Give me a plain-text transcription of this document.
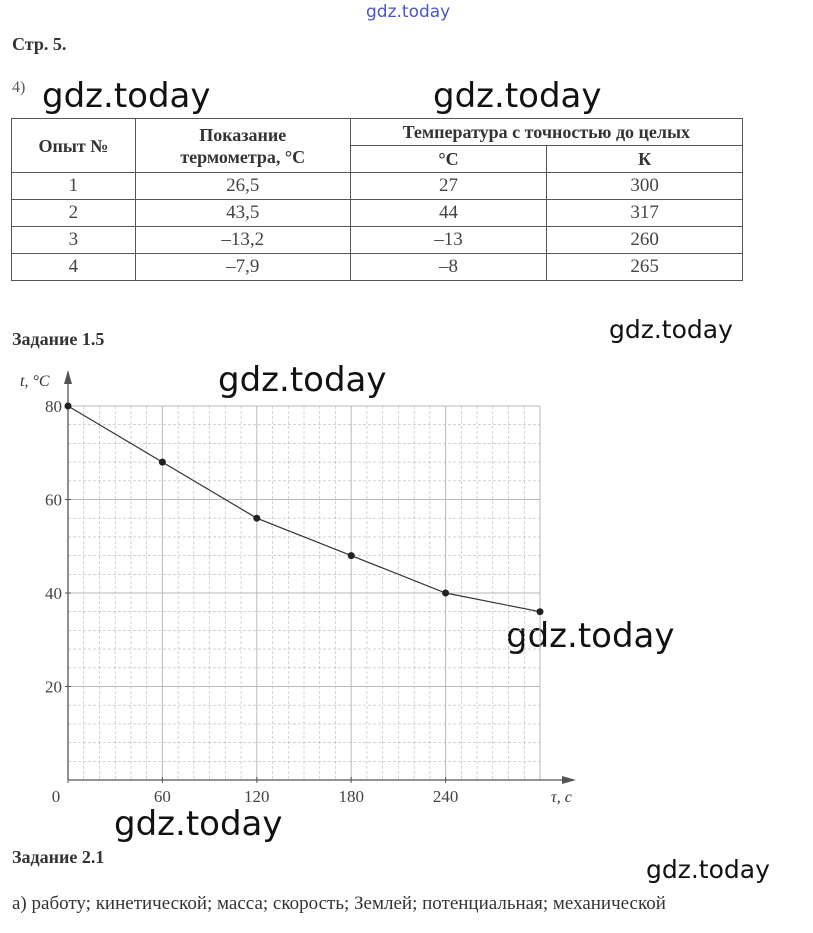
gdz.today
gdz.today	gdz.today
gdz.today
gdz.today
gdz.today
gdz.today
gdz.today
Стр. 5.
4)
Опыт №	Показание термометра, °С	Температура с точностью до целых	
		°С	К
1	26,5	27	300
2	43,5	44	317
3	–13,2	–13	260
4	–7,9	–8	265
Задание 1.5
0	60	120	180	240
20
40
60
80
t, °С
τ, с
Задание 2.1
а) работу; кинетической; масса; скорость; Землей; потенциальная; механической
